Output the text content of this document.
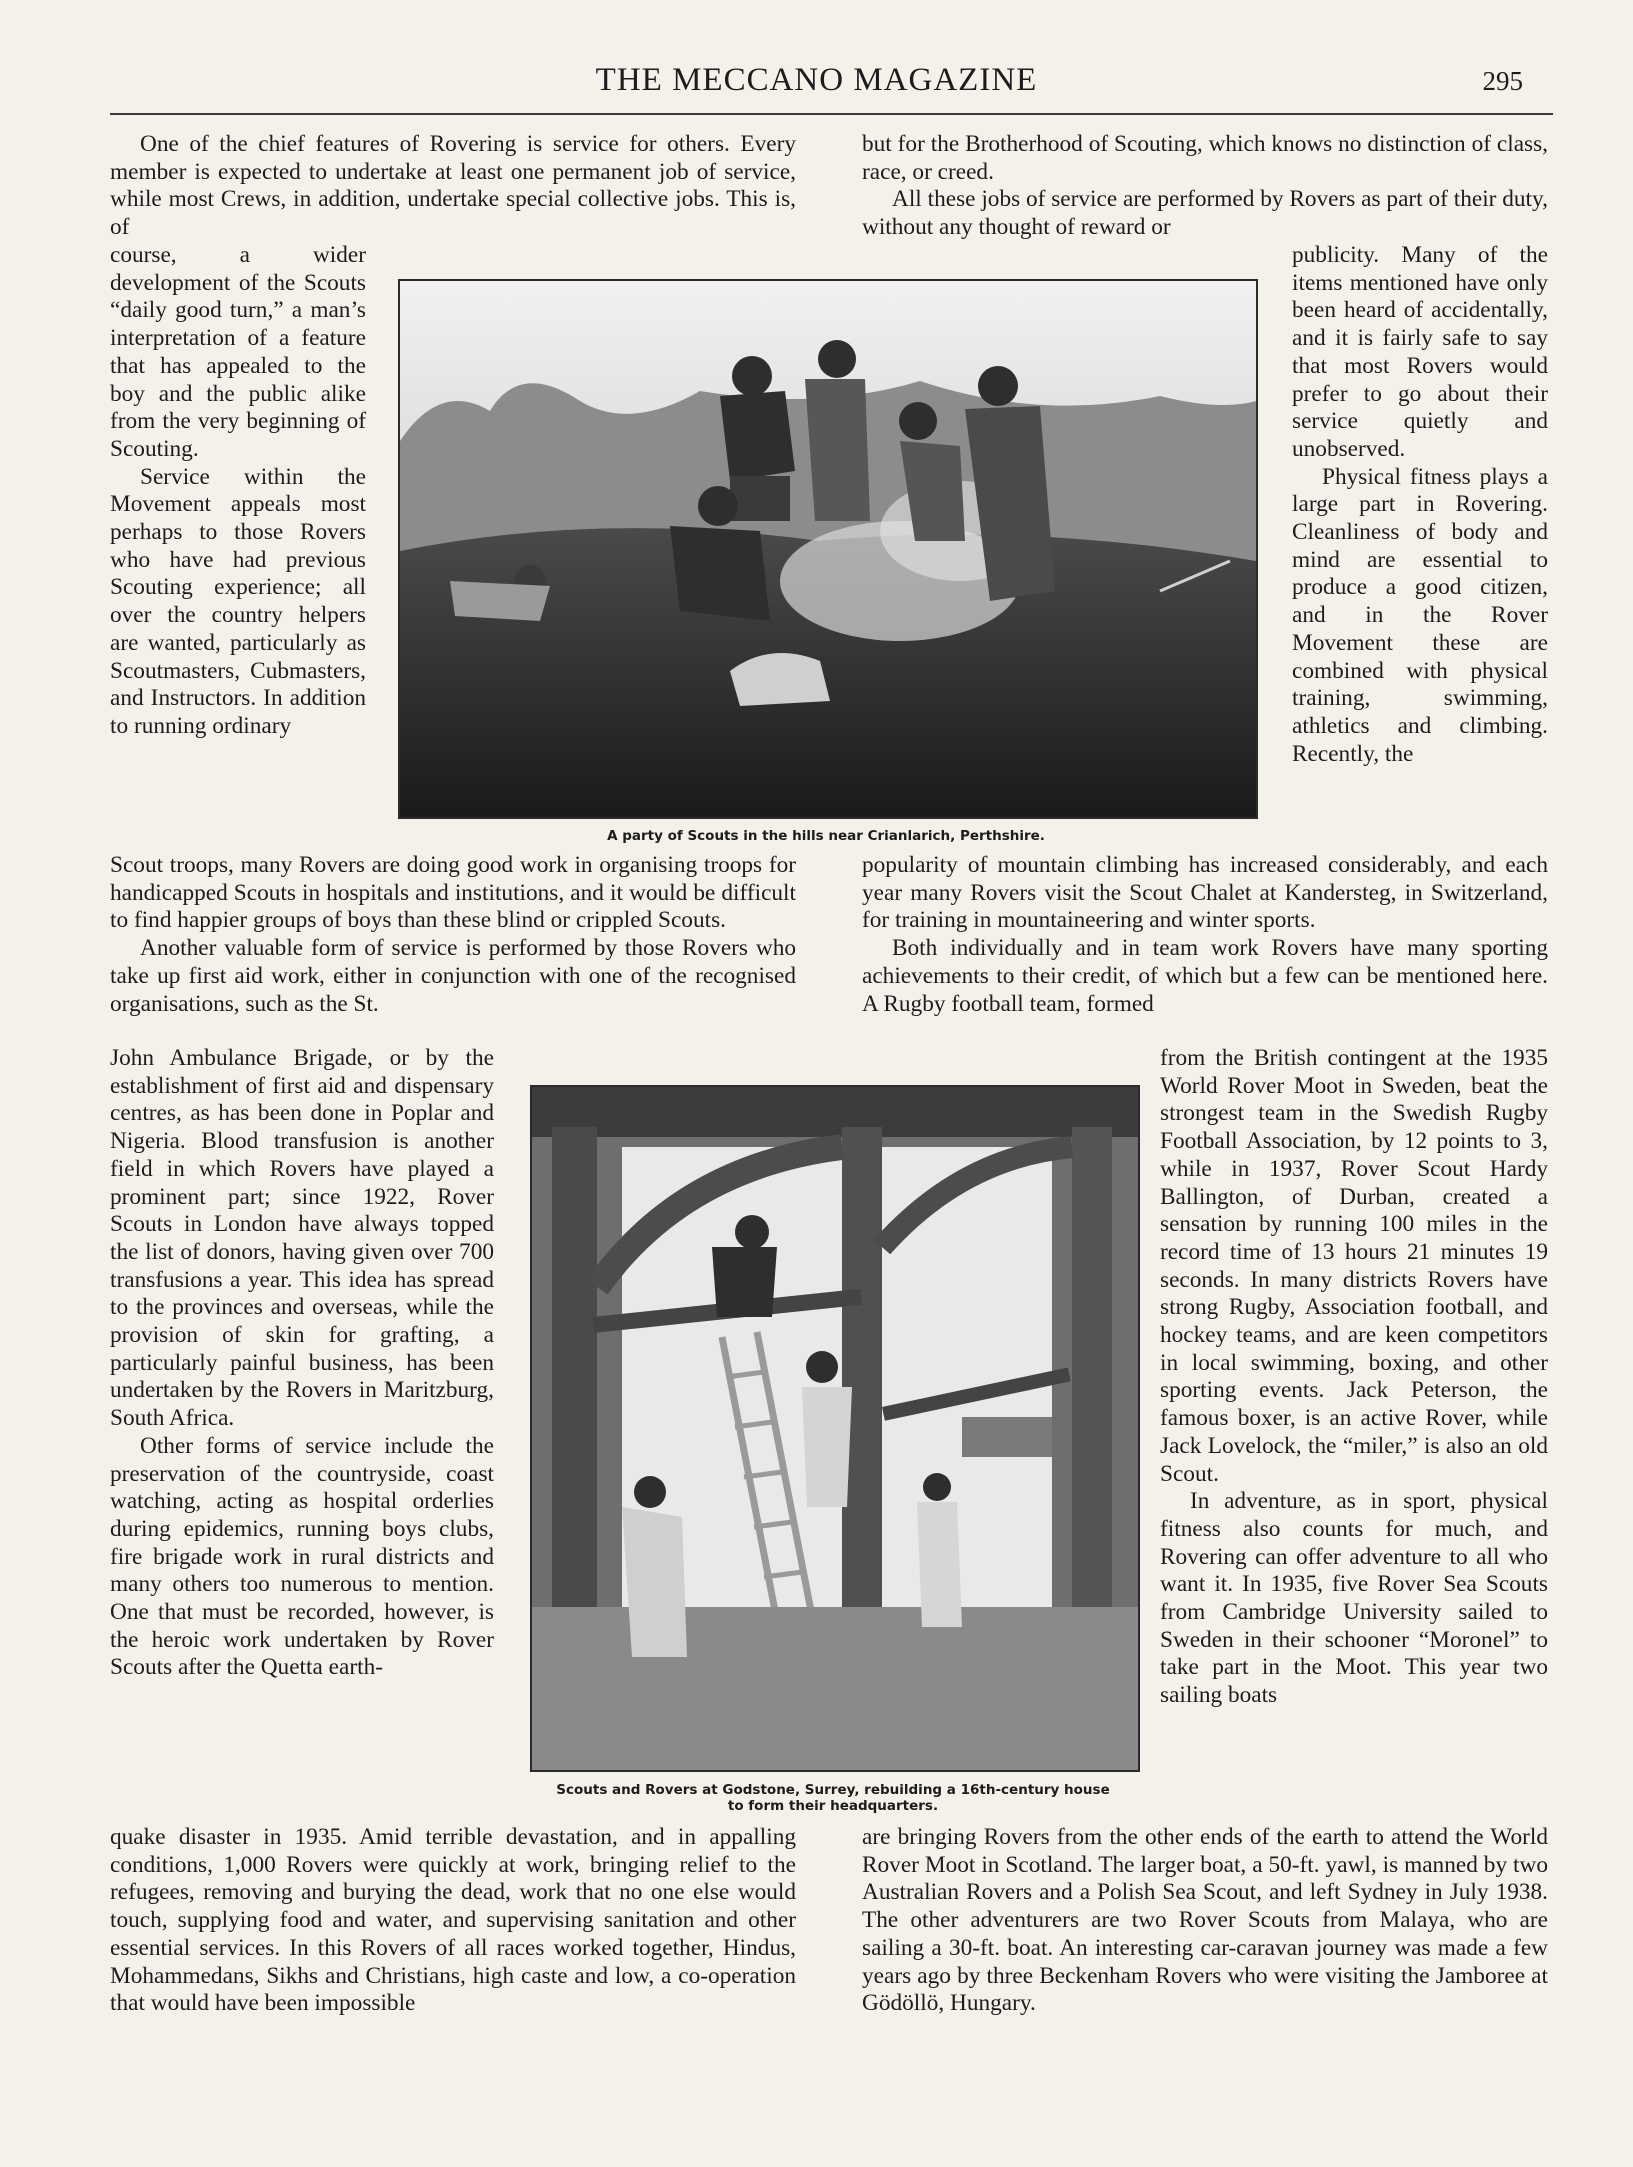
THE MECCANO MAGAZINE	295

One of the chief features of Rovering is service for others. Every member is expected to undertake at least one permanent job of service, while most Crews, in addition, undertake special collective jobs. This is, of

course, a wider development of the Scouts “daily good turn,” a man’s interpretation of a feature that has appealed to the boy and the public alike from the very beginning of Scouting.

Service within the Movement appeals most perhaps to those Rovers who have had previous Scouting experience; all over the country helpers are wanted, particularly as Scoutmasters, Cubmasters, and Instructors. In addition to running ordinary

Scout troops, many Rovers are doing good work in organising troops for handicapped Scouts in hospitals and institutions, and it would be difficult to find happier groups of boys than these blind or crippled Scouts.

Another valuable form of service is performed by those Rovers who take up first aid work, either in conjunction with one of the recognised organisations, such as the St.

John Ambulance Brigade, or by the establishment of first aid and dispensary centres, as has been done in Poplar and Nigeria. Blood transfusion is another field in which Rovers have played a prominent part; since 1922, Rover Scouts in London have always topped the list of donors, having given over 700 transfusions a year. This idea has spread to the provinces and overseas, while the provision of skin for grafting, a particularly painful business, has been undertaken by the Rovers in Maritzburg, South Africa.

Other forms of service include the preservation of the countryside, coast watching, acting as hospital orderlies during epidemics, running boys clubs, fire brigade work in rural districts and many others too numerous to mention. One that must be recorded, however, is the heroic work undertaken by Rover Scouts after the Quetta earth-

quake disaster in 1935. Amid terrible devastation, and in appalling conditions, 1,000 Rovers were quickly at work, bringing relief to the refugees, removing and burying the dead, work that no one else would touch, supplying food and water, and supervising sanitation and other essential services. In this Rovers of all races worked together, Hindus, Mohammedans, Sikhs and Christians, high caste and low, a co-operation that would have been impossible

but for the Brotherhood of Scouting, which knows no distinction of class, race, or creed.

All these jobs of service are performed by Rovers as part of their duty, without any thought of reward or

publicity. Many of the items mentioned have only been heard of accidentally, and it is fairly safe to say that most Rovers would prefer to go about their service quietly and unobserved.

Physical fitness plays a large part in Rovering. Cleanliness of body and mind are essential to produce a good citizen, and in the Rover Movement these are combined with physical training, swimming, athletics and climbing. Recently, the

popularity of mountain climbing has increased considerably, and each year many Rovers visit the Scout Chalet at Kandersteg, in Switzerland, for training in mountaineering and winter sports.

Both individually and in team work Rovers have many sporting achievements to their credit, of which but a few can be mentioned here. A Rugby football team, formed

from the British contingent at the 1935 World Rover Moot in Sweden, beat the strongest team in the Swedish Rugby Football Association, by 12 points to 3, while in 1937, Rover Scout Hardy Ballington, of Durban, created a sensation by running 100 miles in the record time of 13 hours 21 minutes 19 seconds. In many districts Rovers have strong Rugby, Association football, and hockey teams, and are keen competitors in local swimming, boxing, and other sporting events. Jack Peterson, the famous boxer, is an active Rover, while Jack Lovelock, the “miler,” is also an old Scout.

In adventure, as in sport, physical fitness also counts for much, and Rovering can offer adventure to all who want it. In 1935, five Rover Sea Scouts from Cambridge University sailed to Sweden in their schooner “Moronel” to take part in the Moot. This year two sailing boats

are bringing Rovers from the other ends of the earth to attend the World Rover Moot in Scotland. The larger boat, a 50-ft. yawl, is manned by two Australian Rovers and a Polish Sea Scout, and left Sydney in July 1938. The other adventurers are two Rover Scouts from Malaya, who are sailing a 30-ft. boat. An interesting car-caravan journey was made a few years ago by three Beckenham Rovers who were visiting the Jamboree at Gödöllö, Hungary.

A party of Scouts in the hills near Crianlarich, Perthshire.
Scouts and Rovers at Godstone, Surrey, rebuilding a 16th-century house
to form their headquarters.
